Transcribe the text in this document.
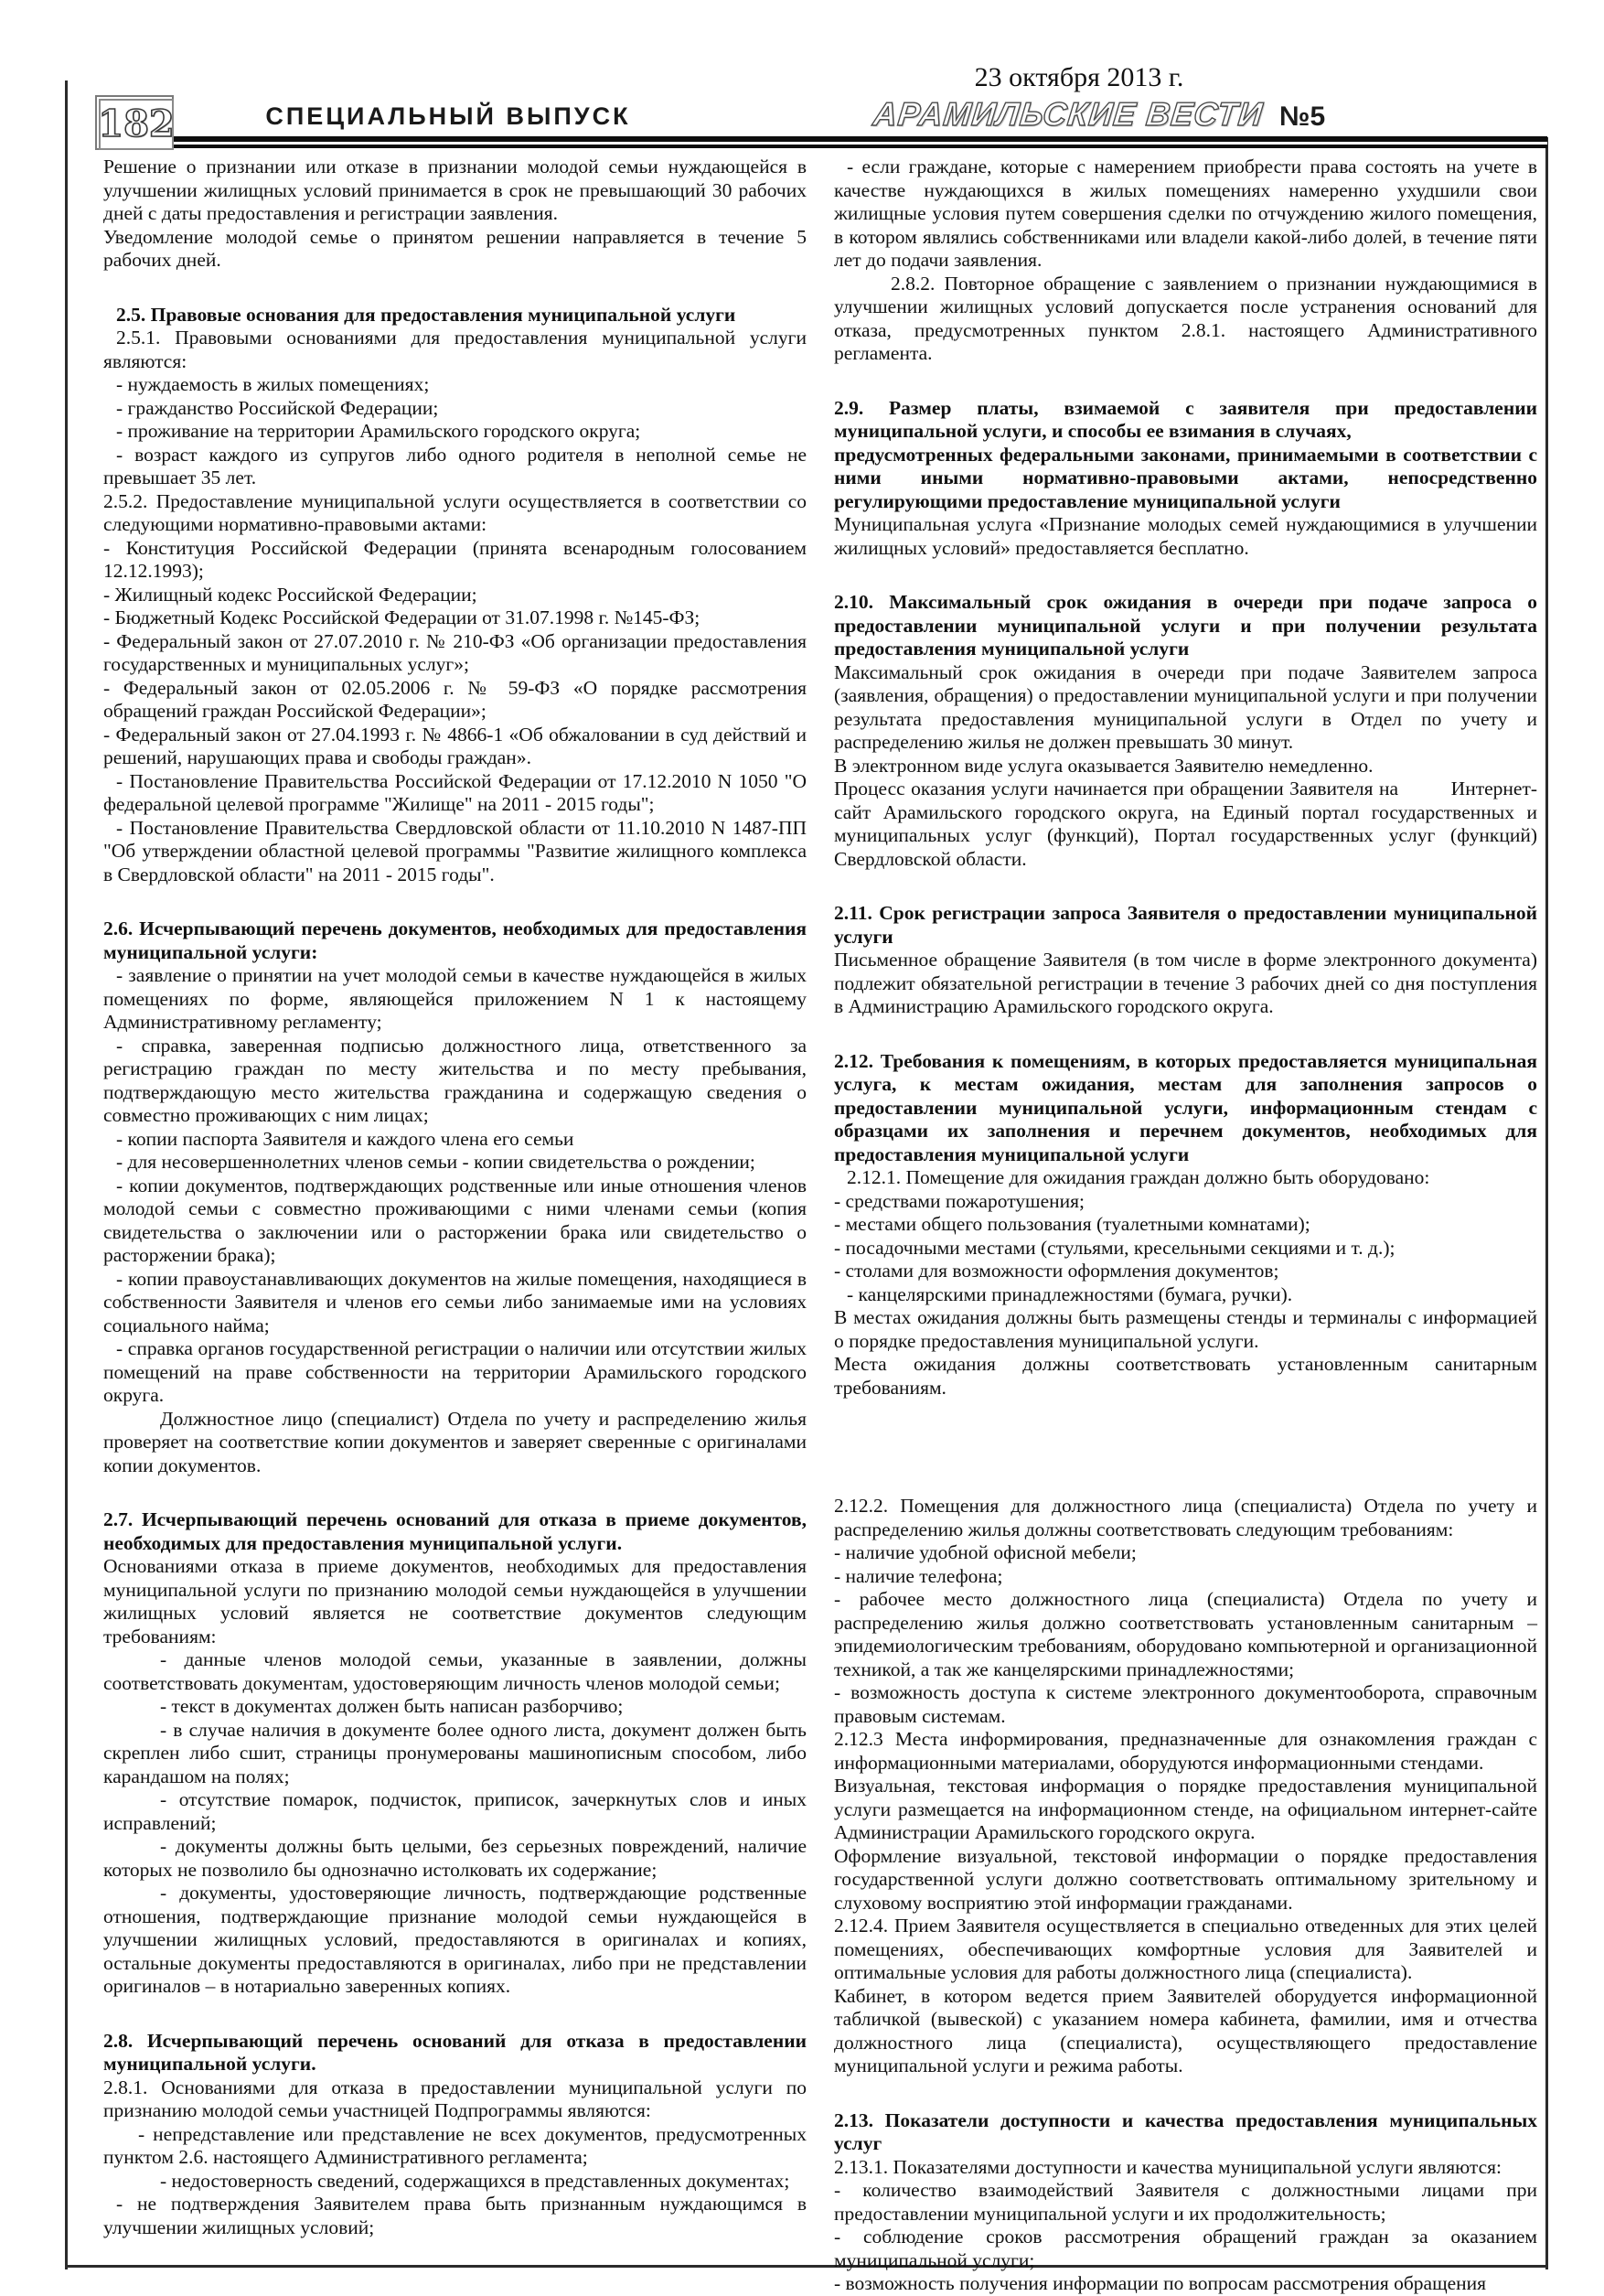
182	СПЕЦИАЛЬНЫЙ ВЫПУСК
23 октября 2013 г.
АРАМИЛЬСКИЕ ВЕСТИ №5

Решение о признании или отказе в признании молодой семьи нуждающейся в улучшении жилищных условий принимается в срок не превышающий 30 рабочих дней с даты предоставления и регистрации заявления.

Уведомление молодой семье о принятом решении направляется в течение 5 рабочих дней.

2.5. Правовые основания для предоставления муниципальной услуги

2.5.1. Правовыми основаниями для предоставления муниципальной услуги являются:

- нуждаемость в жилых помещениях;

- гражданство Российской Федерации;

- проживание на территории Арамильского городского округа;

- возраст каждого из супругов либо одного родителя в неполной семье не превышает 35 лет.

2.5.2. Предоставление муниципальной услуги осуществляется в соответствии со следующими нормативно-правовыми актами:

- Конституция Российской Федерации (принята всенародным голосованием 12.12.1993);

- Жилищный кодекс Российской Федерации;

- Бюджетный Кодекс Российской Федерации от 31.07.1998 г. №145-ФЗ;

- Федеральный закон от 27.07.2010 г. № 210-ФЗ «Об организации предоставления государственных и муниципальных услуг»;

- Федеральный закон от 02.05.2006 г. № 59-ФЗ «О порядке рассмотрения обращений граждан Российской Федерации»;

- Федеральный закон от 27.04.1993 г. № 4866-1 «Об обжаловании в суд действий и решений, нарушающих права и свободы граждан».

- Постановление Правительства Российской Федерации от 17.12.2010 N 1050 "О федеральной целевой программе "Жилище" на 2011 - 2015 годы";

- Постановление Правительства Свердловской области от 11.10.2010 N 1487-ПП "Об утверждении областной целевой программы "Развитие жилищного комплекса в Свердловской области" на 2011 - 2015 годы".

2.6. Исчерпывающий перечень документов, необходимых для предоставления муниципальной услуги:

- заявление о принятии на учет молодой семьи в качестве нуждающейся в жилых помещениях по форме, являющейся приложением N 1 к настоящему Административному регламенту;

- справка, заверенная подписью должностного лица, ответственного за регистрацию граждан по месту жительства и по месту пребывания, подтверждающую место жительства гражданина и содержащую сведения о совместно проживающих с ним лицах;

- копии паспорта Заявителя и каждого члена его семьи

- для несовершеннолетних членов семьи - копии свидетельства о рождении;

- копии документов, подтверждающих родственные или иные отношения членов молодой семьи с совместно проживающими с ними членами семьи (копия свидетельства о заключении или о расторжении брака или свидетельство о расторжении брака);

- копии правоустанавливающих документов на жилые помещения, находящиеся в собственности Заявителя и членов его семьи либо занимаемые ими на условиях социального найма;

- справка органов государственной регистрации о наличии или отсутствии жилых помещений на праве собственности на территории Арамильского городского округа.

Должностное лицо (специалист) Отдела по учету и распределению жилья проверяет на соответствие копии документов и заверяет сверенные с оригиналами копии документов.

2.7. Исчерпывающий перечень оснований для отказа в приеме документов, необходимых для предоставления муниципальной услуги.

Основаниями отказа в приеме документов, необходимых для предоставления муниципальной услуги по признанию молодой семьи нуждающейся в улучшении жилищных условий является не соответствие документов следующим требованиям:

- данные членов молодой семьи, указанные в заявлении, должны соответствовать документам, удостоверяющим личность членов молодой семьи;

- текст в документах должен быть написан разборчиво;

- в случае наличия в документе более одного листа, документ должен быть скреплен либо сшит, страницы пронумерованы машинописным способом, либо карандашом на полях;

- отсутствие помарок, подчисток, приписок, зачеркнутых слов и иных исправлений;

- документы должны быть целыми, без серьезных повреждений, наличие которых не позволило бы однозначно истолковать их содержание;

- документы, удостоверяющие личность, подтверждающие родственные отношения, подтверждающие признание молодой семьи нуждающейся в улучшении жилищных условий, предоставляются в оригиналах и копиях, остальные документы предоставляются в оригиналах, либо при не представлении оригиналов – в нотариально заверенных копиях.

2.8. Исчерпывающий перечень оснований для отказа в предоставлении муниципальной услуги.

2.8.1. Основаниями для отказа в предоставлении муниципальной услуги по признанию молодой семьи участницей Подпрограммы являются:

- непредставление или представление не всех документов, предусмотренных пунктом 2.6. настоящего Административного регламента;

- недостоверность сведений, содержащихся в представленных документах;

- не подтверждения Заявителем права быть признанным нуждающимся в улучшении жилищных условий;

- если граждане, которые с намерением приобрести права состоять на учете в качестве нуждающихся в жилых помещениях намеренно ухудшили свои жилищные условия путем совершения сделки по отчуждению жилого помещения, в котором являлись собственниками или владели какой-либо долей, в течение пяти лет до подачи заявления.

2.8.2. Повторное обращение с заявлением о признании нуждающимися в улучшении жилищных условий допускается после устранения оснований для отказа, предусмотренных пунктом 2.8.1. настоящего Административного регламента.

2.9. Размер платы, взимаемой с заявителя при предоставлении муниципальной услуги, и способы ее взимания в случаях,
предусмотренных федеральными законами, принимаемыми в соответствии с ними иными нормативно-правовыми актами, непосредственно регулирующими предоставление муниципальной услуги

Муниципальная услуга «Признание молодых семей нуждающимися в улучшении жилищных условий» предоставляется бесплатно.

2.10. Максимальный срок ожидания в очереди при подаче запроса о предоставлении муниципальной услуги и при получении результата предоставления муниципальной услуги

Максимальный срок ожидания в очереди при подаче Заявителем запроса (заявления, обращения) о предоставлении муниципальной услуги и при получении результата предоставления муниципальной услуги в Отдел по учету и распределению жилья не должен превышать 30 минут.

В электронном виде услуга оказывается Заявителю немедленно.

Процесс оказания услуги начинается при обращении Заявителя на         Интернет-сайт Арамильского городского округа, на Единый портал государственных и муниципальных услуг (функций), Портал государственных услуг (функций) Свердловской области.

2.11. Срок регистрации запроса Заявителя о предоставлении муниципальной услуги

Письменное обращение Заявителя (в том числе в форме электронного документа) подлежит обязательной регистрации в течение 3 рабочих дней со дня поступления в Администрацию Арамильского городского округа.

2.12. Требования к помещениям, в которых предоставляется муниципальная услуга, к местам ожидания, местам для заполнения запросов о предоставлении муниципальной услуги, информационным стендам с образцами их заполнения и перечнем документов, необходимых для предоставления муниципальной услуги

2.12.1. Помещение для ожидания граждан должно быть оборудовано:

- средствами пожаротушения;

- местами общего пользования (туалетными комнатами);

- посадочными местами (стульями, кресельными секциями и т. д.);

- столами для возможности оформления документов;

- канцелярскими принадлежностями (бумага, ручки).

В местах ожидания должны быть размещены стенды и терминалы с информацией о порядке предоставления муниципальной услуги.

Места ожидания должны соответствовать установленным санитарным требованиям.

2.12.2. Помещения для должностного лица (специалиста) Отдела по учету и распределению жилья должны соответствовать следующим требованиям:

- наличие удобной офисной мебели;

- наличие телефона;

- рабочее место должностного лица (специалиста) Отдела по учету и распределению жилья должно соответствовать установленным санитарным – эпидемиологическим требованиям, оборудовано компьютерной и организационной техникой, а так же канцелярскими принадлежностями;

- возможность доступа к системе электронного документооборота, справочным правовым системам.

2.12.3 Места информирования, предназначенные для ознакомления граждан с информационными материалами, оборудуются информационными стендами.

Визуальная, текстовая информация о порядке предоставления муниципальной услуги размещается на информационном стенде, на официальном интернет-сайте Администрации Арамильского городского округа.

Оформление визуальной, текстовой информации о порядке предоставления государственной услуги должно соответствовать оптимальному зрительному и слуховому восприятию этой информации гражданами.

2.12.4. Прием Заявителя осуществляется в специально отведенных для этих целей помещениях, обеспечивающих комфортные условия для Заявителей и оптимальные условия для работы должностного лица (специалиста).

Кабинет, в котором ведется прием Заявителей оборудуется информационной табличкой (вывеской) с указанием номера кабинета, фамилии, имя и отчества должностного лица (специалиста), осуществляющего предоставление муниципальной услуги и режима работы.

2.13. Показатели доступности и качества предоставления муниципальных услуг

2.13.1. Показателями доступности и качества муниципальной услуги являются:

- количество взаимодействий Заявителя с должностными лицами при предоставлении муниципальной услуги и их продолжительность;

- соблюдение сроков рассмотрения обращений граждан за оказанием муниципальной услуги;

- возможность получения информации по вопросам рассмотрения обращения
